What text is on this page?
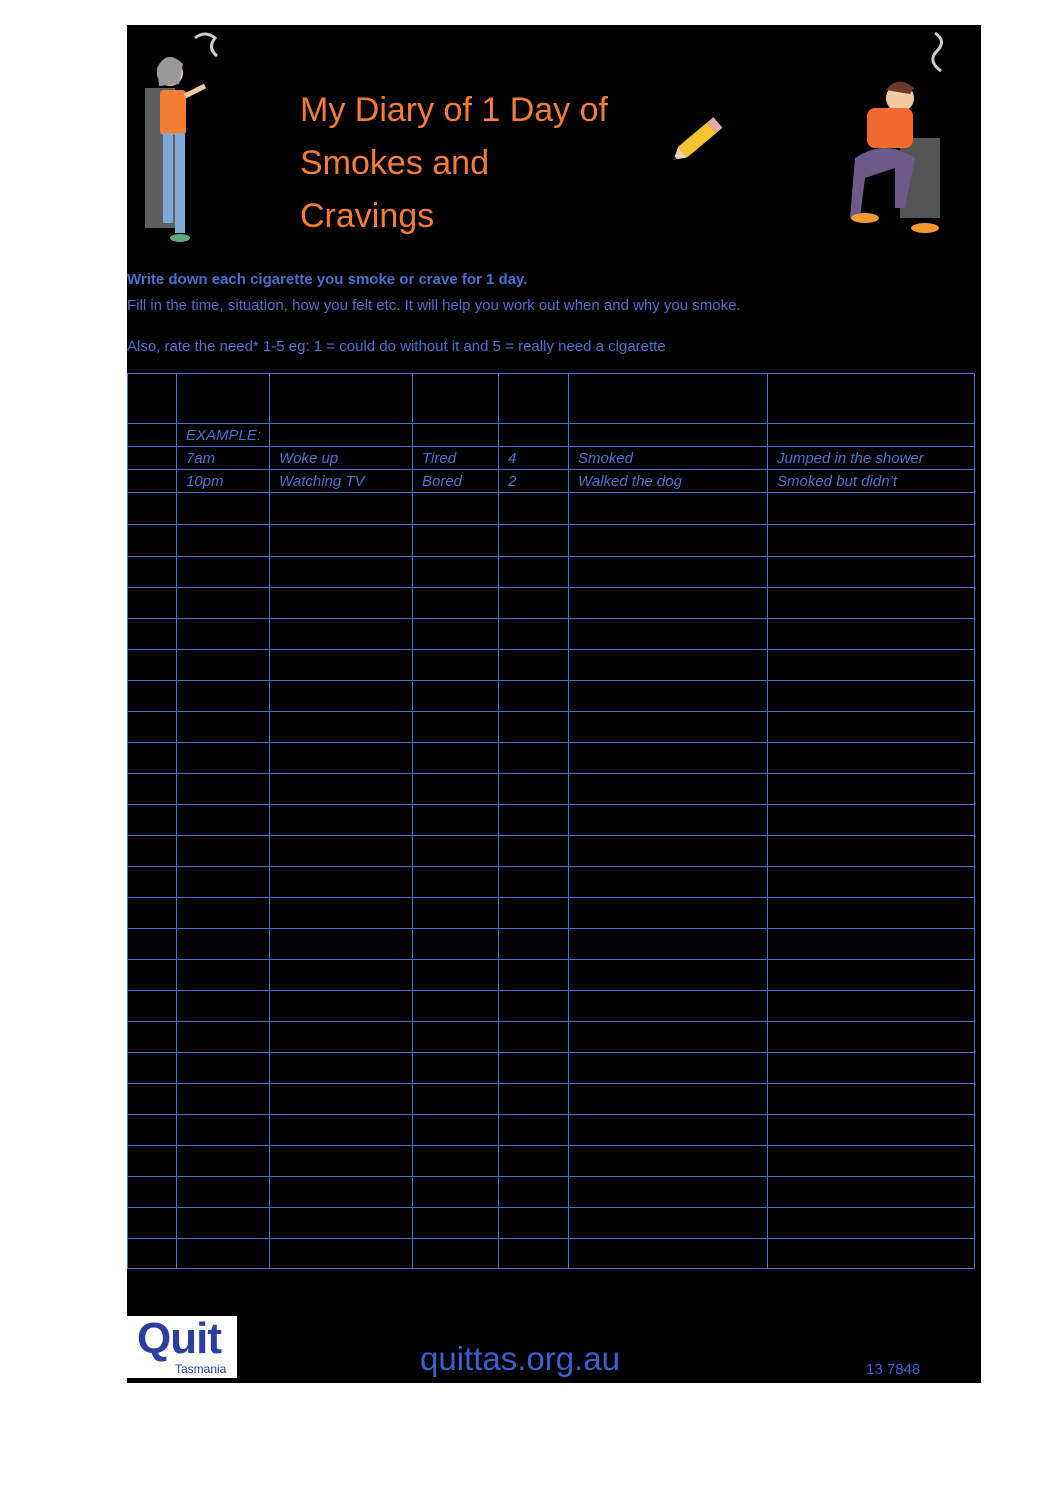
My Diary of 1 Day of
Smokes and
Cravings
Write down each cigarette you smoke or crave for 1 day.
Fill in the time, situation, how you felt etc. It will help you work out when and why you smoke.
Also, rate the need* 1-5 eg: 1 = could do without it and 5 = really need a cigarette

	EXAMPLE:					
	7am	Woke up	Tired	4	Smoked	Jumped in the shower
	10pm	Watching TV	Bored	2	Walked the dog	Smoked but didn’t

Quit
Tasmania	quittas.org.au	13 7848
